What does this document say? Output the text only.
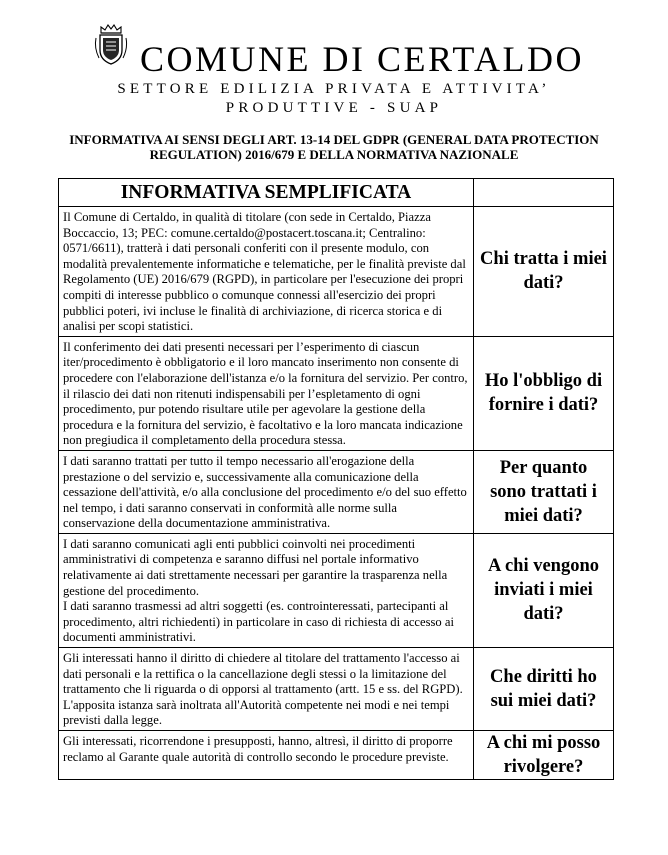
COMUNE DI CERTALDO
SETTORE EDILIZIA PRIVATA E ATTIVITA’
PRODUTTIVE - SUAP
INFORMATIVA AI SENSI DEGLI ART. 13-14 DEL GDPR (GENERAL DATA PROTECTION REGULATION) 2016/679 E DELLA NORMATIVA NAZIONALE
INFORMATIVA SEMPLIFICATA	

Il Comune di Certaldo, in qualità di titolare (con sede in Certaldo, Piazza Boccaccio, 13; PEC: comune.certaldo@postacert.toscana.it; Centralino: 0571/6611), tratterà i dati personali conferiti con il presente modulo, con modalità prevalentemente informatiche e telematiche, per le finalità previste dal Regolamento (UE) 2016/679 (RGPD), in particolare per l'esecuzione dei propri compiti di interesse pubblico o comunque connessi all'esercizio dei propri pubblici poteri, ivi incluse le finalità di archiviazione, di ricerca storica e di analisi per scopi statistici.	Chi tratta i miei dati?

Il conferimento dei dati presenti necessari per l’esperimento di ciascun iter/procedimento è obbligatorio e il loro mancato inserimento non consente di procedere con l'elaborazione dell'istanza e/o la fornitura del servizio. Per contro, il rilascio dei dati non ritenuti indispensabili per l’espletamento di ogni procedimento, pur potendo risultare utile per agevolare la gestione della procedura e la fornitura del servizio, è facoltativo e la loro mancata indicazione non pregiudica il completamento della procedura stessa.	Ho l'obbligo di fornire i dati?

I dati saranno trattati per tutto il tempo necessario all'erogazione della prestazione o del servizio e, successivamente alla comunicazione della cessazione dell'attività, e/o alla conclusione del procedimento e/o del suo effetto nel tempo, i dati saranno conservati in conformità alle norme sulla conservazione della documentazione amministrativa.	Per quanto sono trattati i miei dati?

I dati saranno comunicati agli enti pubblici coinvolti nei procedimenti amministrativi di competenza e saranno diffusi nel portale informativo relativamente ai dati strettamente necessari per garantire la trasparenza nella gestione del procedimento.
I dati saranno trasmessi ad altri soggetti (es. controinteressati, partecipanti al procedimento, altri richiedenti) in particolare in caso di richiesta di accesso ai documenti amministrativi.	A chi vengono inviati i miei dati?

Gli interessati hanno il diritto di chiedere al titolare del trattamento l'accesso ai dati personali e la rettifica o la cancellazione degli stessi o la limitazione del trattamento che li riguarda o di opporsi al trattamento (artt. 15 e ss. del RGPD). L'apposita istanza sarà inoltrata all'Autorità competente nei modi e nei tempi previsti dalla legge.	Che diritti ho sui miei dati?

Gli interessati, ricorrendone i presupposti, hanno, altresì, il diritto di proporre reclamo al Garante quale autorità di controllo secondo le procedure previste.	A chi mi posso rivolgere?
